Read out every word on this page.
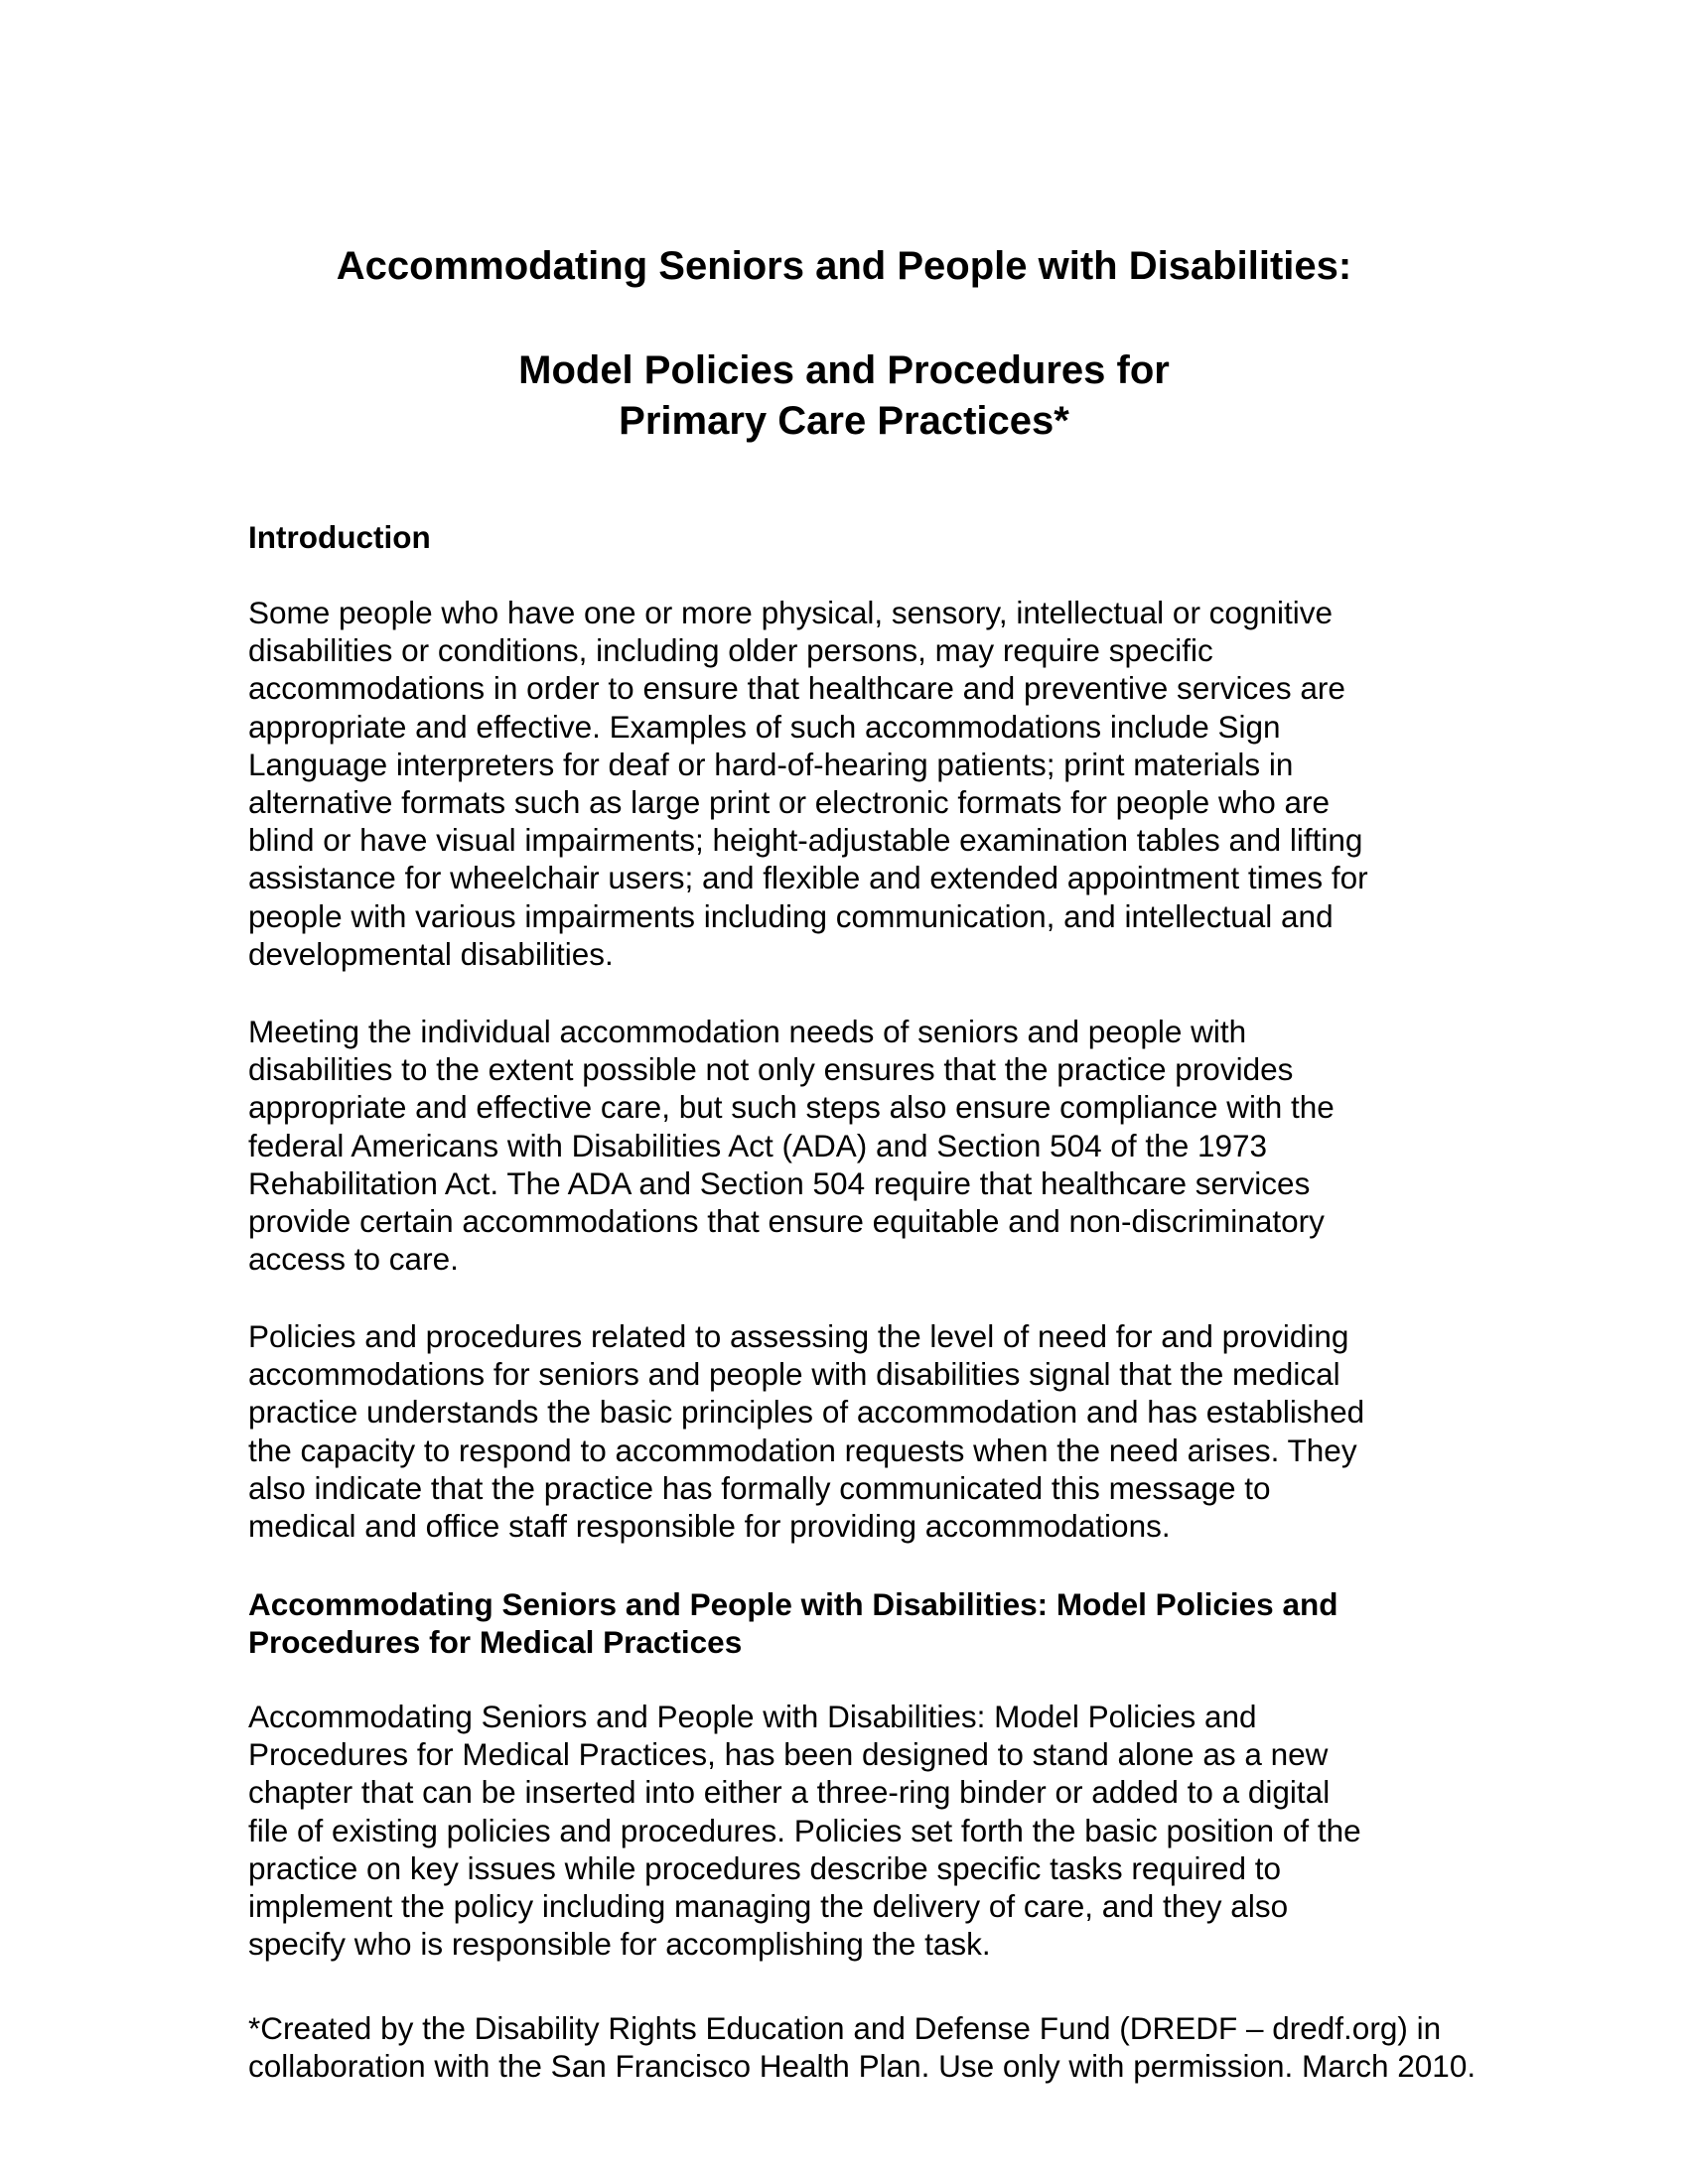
Accommodating Seniors and People with Disabilities:
Model Policies and Procedures for
Primary Care Practices*
Introduction
Some people who have one or more physical, sensory, intellectual or cognitive
disabilities or conditions, including older persons, may require specific
accommodations in order to ensure that healthcare and preventive services are
appropriate and effective. Examples of such accommodations include Sign
Language interpreters for deaf or hard-of-hearing patients; print materials in
alternative formats such as large print or electronic formats for people who are
blind or have visual impairments; height-adjustable examination tables and lifting
assistance for wheelchair users; and flexible and extended appointment times for
people with various impairments including communication, and intellectual and
developmental disabilities.
Meeting the individual accommodation needs of seniors and people with
disabilities to the extent possible not only ensures that the practice provides
appropriate and effective care, but such steps also ensure compliance with the
federal Americans with Disabilities Act (ADA) and Section 504 of the 1973
Rehabilitation Act. The ADA and Section 504 require that healthcare services
provide certain accommodations that ensure equitable and non-discriminatory
access to care.
Policies and procedures related to assessing the level of need for and providing
accommodations for seniors and people with disabilities signal that the medical
practice understands the basic principles of accommodation and has established
the capacity to respond to accommodation requests when the need arises. They
also indicate that the practice has formally communicated this message to
medical and office staff responsible for providing accommodations.
Accommodating Seniors and People with Disabilities: Model Policies and
Procedures for Medical Practices
Accommodating Seniors and People with Disabilities: Model Policies and
Procedures for Medical Practices, has been designed to stand alone as a new
chapter that can be inserted into either a three-ring binder or added to a digital
file of existing policies and procedures. Policies set forth the basic position of the
practice on key issues while procedures describe specific tasks required to
implement the policy including managing the delivery of care, and they also
specify who is responsible for accomplishing the task.
*Created by the Disability Rights Education and Defense Fund (DREDF – dredf.org) in
collaboration with the San Francisco Health Plan. Use only with permission. March 2010.
